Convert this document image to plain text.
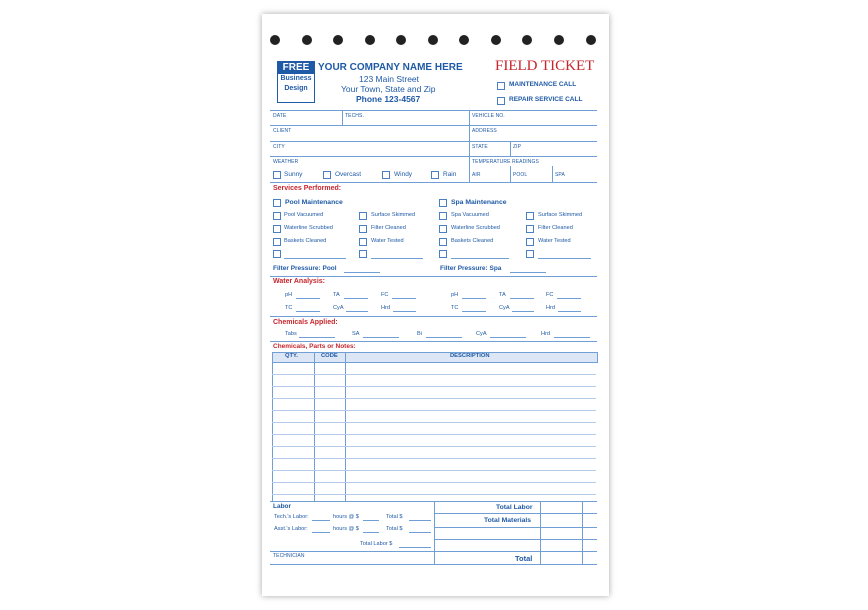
FREE
Business
Design
YOUR COMPANY NAME HERE
123 Main Street
Your Town, State and Zip
Phone 123-4567
FIELD TICKET
MAINTENANCE CALL
REPAIR SERVICE CALL
DATE	TECHS.	VEHICLE NO.
CLIENT	ADDRESS
CITY	STATE	ZIP
WEATHER	TEMPERATURE READINGS
Sunny	Overcast	Windy	Rain	AIR	POOL	SPA
Services Performed:
Pool Maintenance	Spa Maintenance
Pool Vacuumed	Surface Skimmed
Waterline Scrubbed	Filter Cleaned
Baskets Cleaned	Water Tested
Spa Vacuumed	Surface Skimmed
Waterline Scrubbed	Filter Cleaned
Baskets Cleaned	Water Tested
Filter Pressure: Pool	Filter Pressure: Spa
Water Analysis:
pH	TA	FC
TC	CyA	Hrd
pH	TA	FC
TC	CyA	Hrd
Chemicals Applied:
Tabs	SA	Bi	CyA	Hrd
Chemicals, Parts or Notes:
QTY.	CODE	DESCRIPTION
Labor
Tech.'s Labor:	hours @ $	Total $
Asst.'s Labor:	hours @ $	Total $
Total Labor $
TECHNICIAN
Total Labor
Total Materials
Total
